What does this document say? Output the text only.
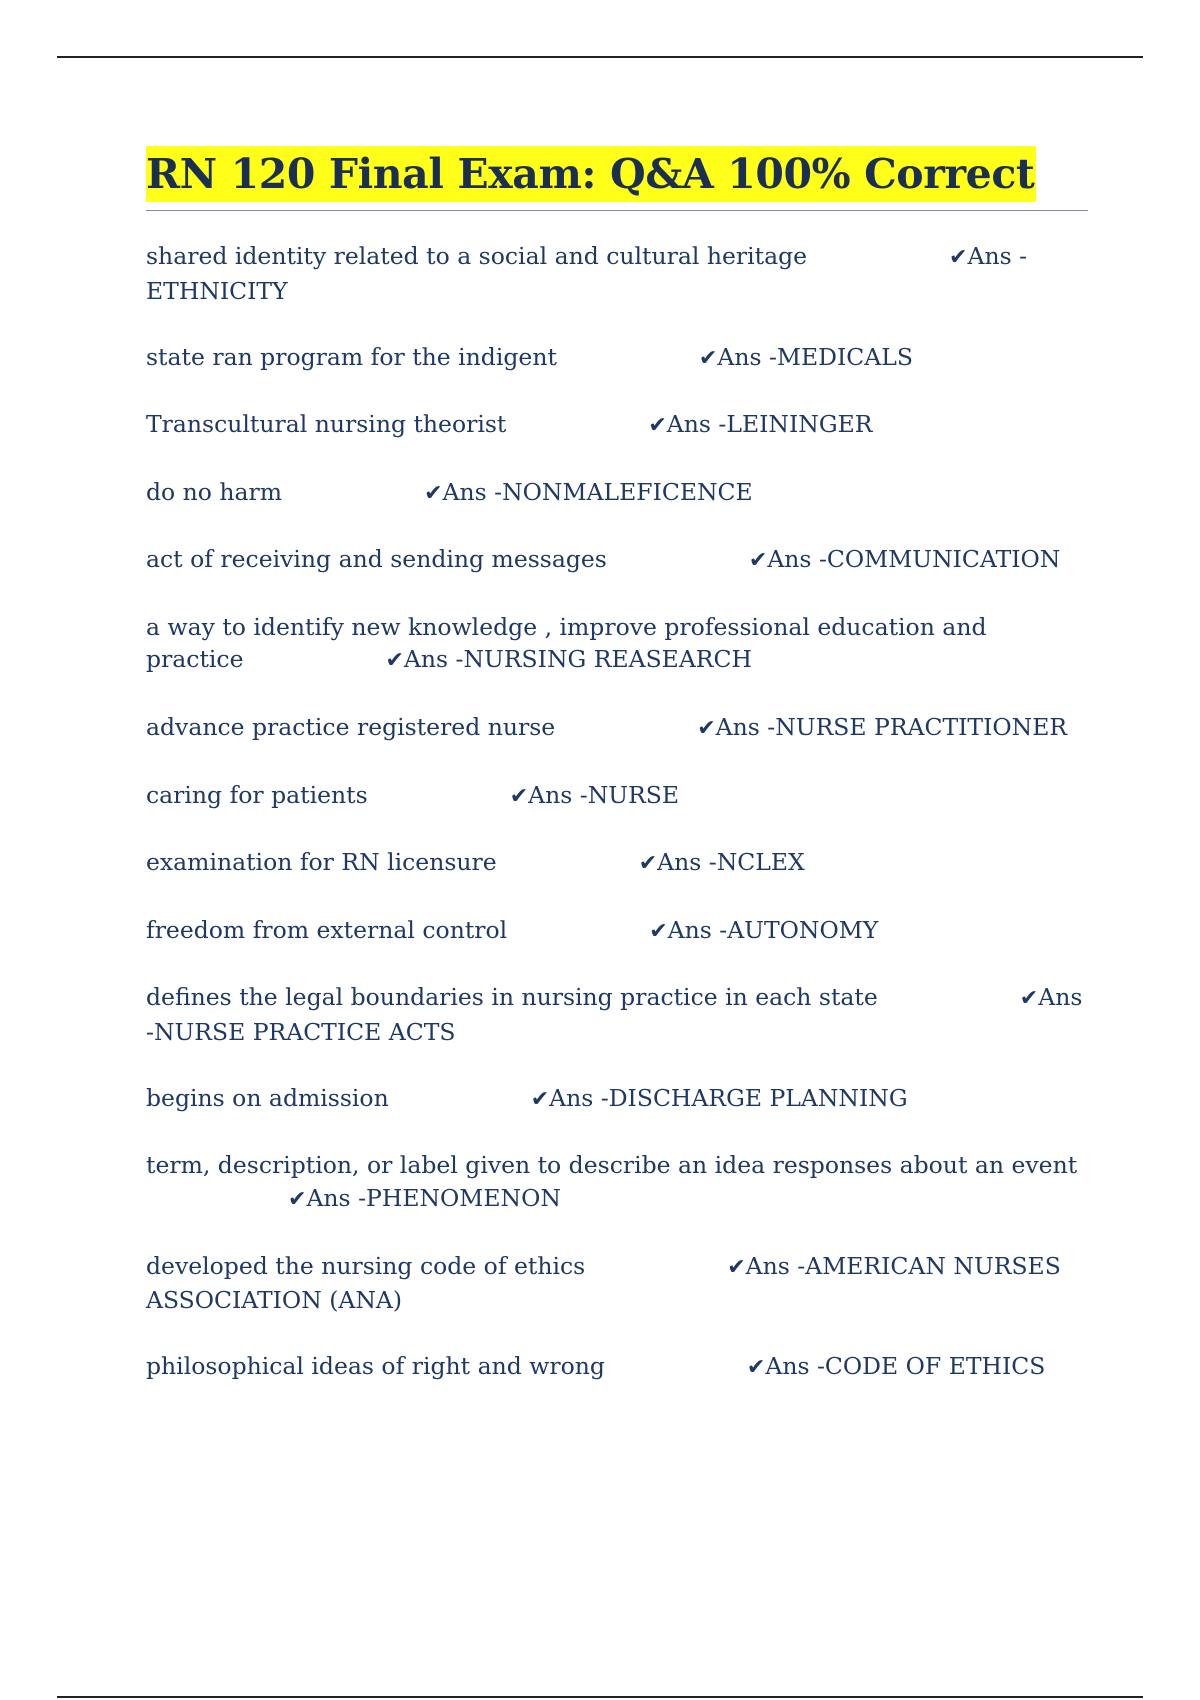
RN 120 Final Exam: Q&A 100% Correct
shared identity related to a social and cultural heritage	✔Ans - ETHNICITY
state ran program for the indigent	✔Ans -MEDICALS
Transcultural nursing theorist	✔Ans -LEININGER
do no harm	✔Ans -NONMALEFICENCE
act of receiving and sending messages	✔Ans -COMMUNICATION
a way to identify new knowledge , improve professional education and practice	✔Ans -NURSING REASEARCH
advance practice registered nurse	✔Ans -NURSE PRACTITIONER
caring for patients	✔Ans -NURSE
examination for RN licensure	✔Ans -NCLEX
freedom from external control	✔Ans -AUTONOMY
defines the legal boundaries in nursing practice in each state	✔Ans -NURSE PRACTICE ACTS
begins on admission	✔Ans -DISCHARGE PLANNING
term, description, or label given to describe an idea responses about an event✔Ans -PHENOMENON
developed the nursing code of ethics	✔Ans -AMERICAN NURSES ASSOCIATION (ANA)
philosophical ideas of right and wrong	✔Ans -CODE OF ETHICS
